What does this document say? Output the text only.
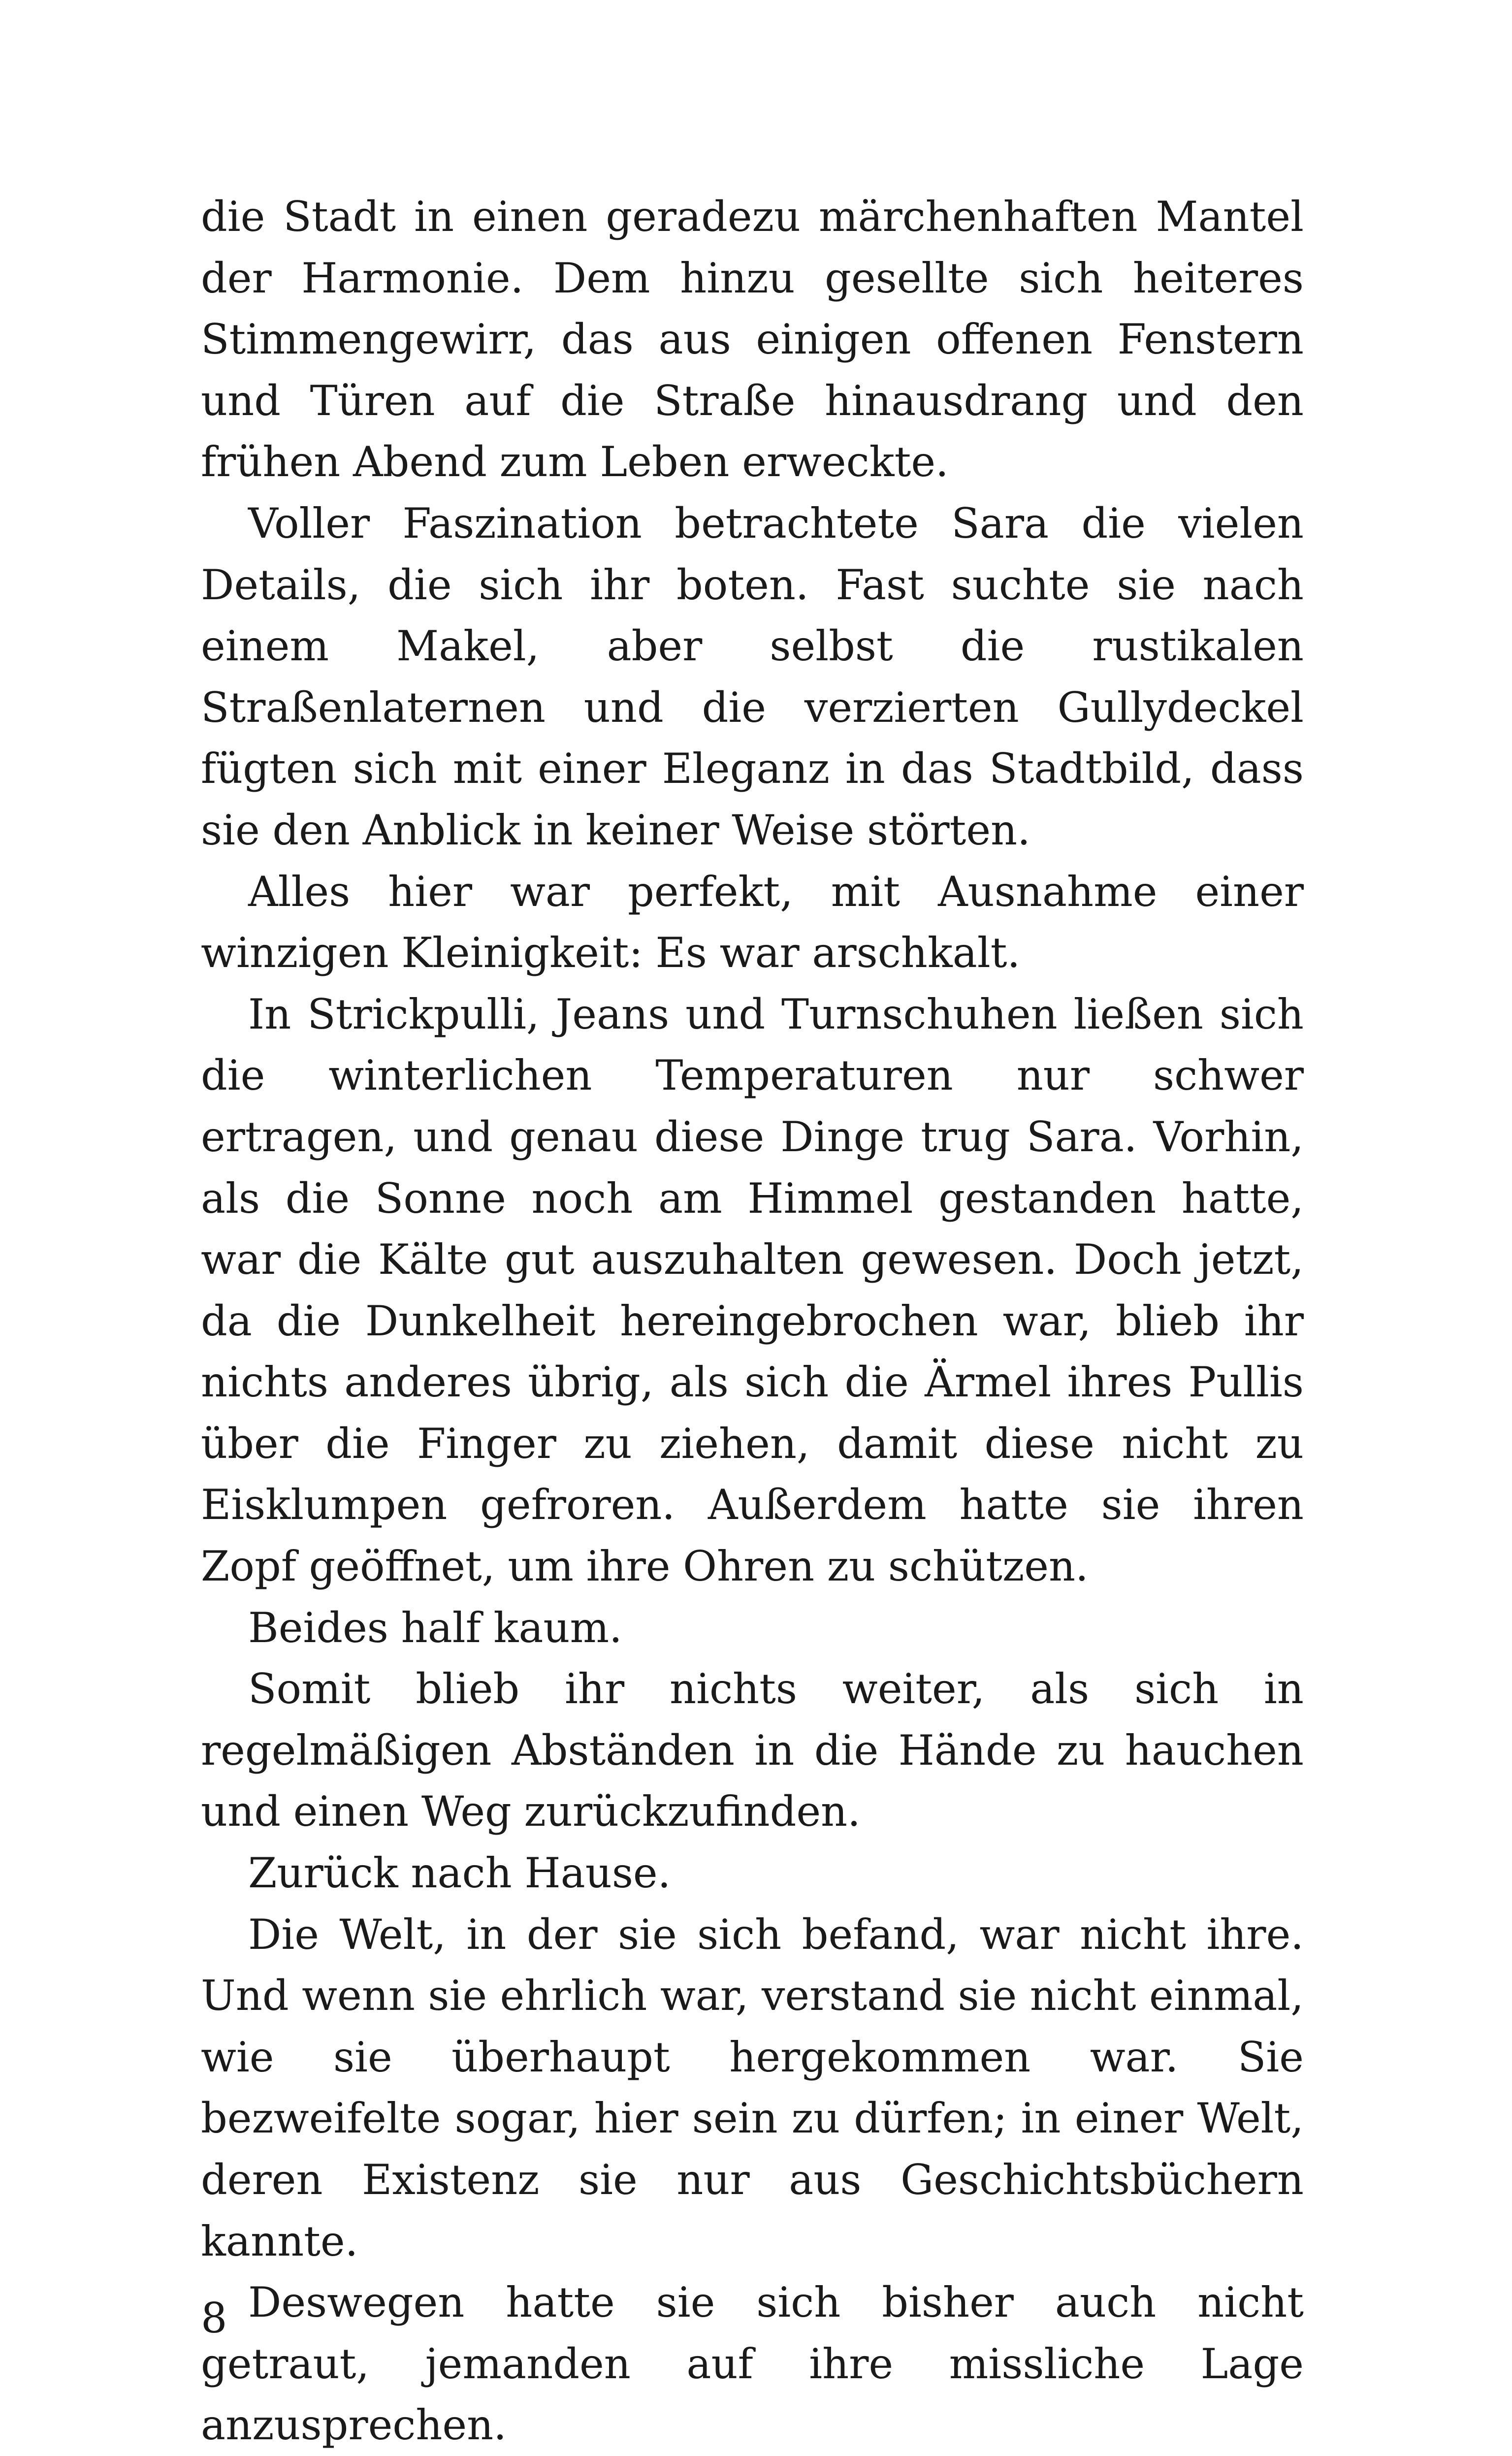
die Stadt in einen geradezu märchenhaften Mantel der Harmonie. Dem hinzu gesellte sich heiteres Stimmengewirr, das aus einigen offenen Fenstern und Türen auf die Straße hinausdrang und den frühen Abend zum Leben erweckte.

Voller Faszination betrachtete Sara die vielen Details, die sich ihr boten. Fast suchte sie nach einem Makel, aber selbst die rustikalen Straßenlaternen und die verzierten Gullydeckel fügten sich mit einer Eleganz in das Stadtbild, dass sie den Anblick in keiner Weise störten.

Alles hier war perfekt, mit Ausnahme einer winzigen Kleinigkeit: Es war arschkalt.

In Strickpulli, Jeans und Turnschuhen ließen sich die winterlichen Temperaturen nur schwer ertragen, und genau diese Dinge trug Sara. Vorhin, als die Sonne noch am Himmel gestanden hatte, war die Kälte gut auszuhalten gewesen. Doch jetzt, da die Dunkelheit hereingebrochen war, blieb ihr nichts anderes übrig, als sich die Ärmel ihres Pullis über die Finger zu ziehen, damit diese nicht zu Eisklumpen gefroren. Außerdem hatte sie ihren Zopf geöffnet, um ihre Ohren zu schützen.

Beides half kaum.

Somit blieb ihr nichts weiter, als sich in regelmäßigen Abständen in die Hände zu hauchen und einen Weg zurückzufinden.

Zurück nach Hause.

Die Welt, in der sie sich befand, war nicht ihre. Und wenn sie ehrlich war, verstand sie nicht einmal, wie sie überhaupt hergekommen war. Sie bezweifelte sogar, hier sein zu dürfen; in einer Welt, deren Existenz sie nur aus Geschichtsbüchern kannte.

Deswegen hatte sie sich bisher auch nicht getraut, jemanden auf ihre missliche Lage anzusprechen.

8
